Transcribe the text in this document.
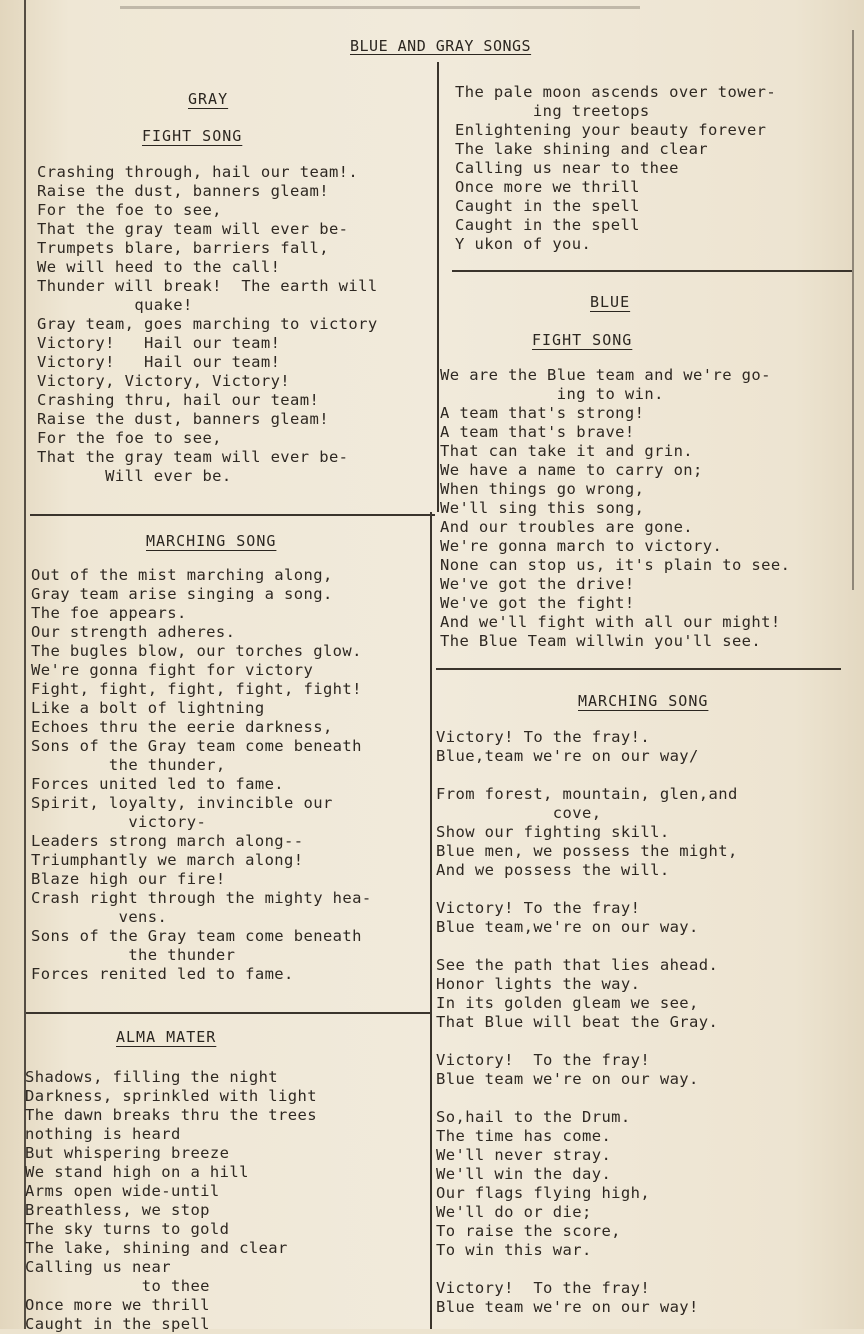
BLUE AND GRAY SONGS
GRAY
FIGHT SONG
Crashing through, hail our team!.
Raise the dust, banners gleam!
For the foe to see,
That the gray team will ever be-
Trumpets blare, barriers fall,
We will heed to the call!
Thunder will break!  The earth will
quake!
Gray team, goes marching to victory
Victory!   Hail our team!
Victory!   Hail our team!
Victory, Victory, Victory!
Crashing thru, hail our team!
Raise the dust, banners gleam!
For the foe to see,
That the gray team will ever be-
Will ever be.
MARCHING SONG
Out of the mist marching along,
Gray team arise singing a song.
The foe appears.
Our strength adheres.
The bugles blow, our torches glow.
We're gonna fight for victory
Fight, fight, fight, fight, fight!
Like a bolt of lightning
Echoes thru the eerie darkness,
Sons of the Gray team come beneath
the thunder,
Forces united led to fame.
Spirit, loyalty, invincible our
victory-
Leaders strong march along--
Triumphantly we march along!
Blaze high our fire!
Crash right through the mighty hea-
vens.
Sons of the Gray team come beneath
the thunder
Forces renited led to fame.
ALMA MATER
Shadows, filling the night
Darkness, sprinkled with light
The dawn breaks thru the trees
nothing is heard
But whispering breeze
We stand high on a hill
Arms open wide-until
Breathless, we stop
The sky turns to gold
The lake, shining and clear
Calling us near
to thee
Once more we thrill
Caught in the spell
The pale moon ascends over tower-
ing treetops
Enlightening your beauty forever
The lake shining and clear
Calling us near to thee
Once more we thrill
Caught in the spell
Caught in the spell
Y ukon of you.
BLUE
FIGHT SONG
We are the Blue team and we're go-
ing to win.
A team that's strong!
A team that's brave!
That can take it and grin.
We have a name to carry on;
When things go wrong,
We'll sing this song,
And our troubles are gone.
We're gonna march to victory.
None can stop us, it's plain to see.
We've got the drive!
We've got the fight!
And we'll fight with all our might!
The Blue Team willwin you'll see.
MARCHING SONG
Victory! To the fray!.
Blue,team we're on our way/
From forest, mountain, glen,and
cove,
Show our fighting skill.
Blue men, we possess the might,
And we possess the will.
Victory! To the fray!
Blue team,we're on our way.
See the path that lies ahead.
Honor lights the way.
In its golden gleam we see,
That Blue will beat the Gray.
Victory!  To the fray!
Blue team we're on our way.
So,hail to the Drum.
The time has come.
We'll never stray.
We'll win the day.
Our flags flying high,
We'll do or die;
To raise the score,
To win this war.
Victory!  To the fray!
Blue team we're on our way!
